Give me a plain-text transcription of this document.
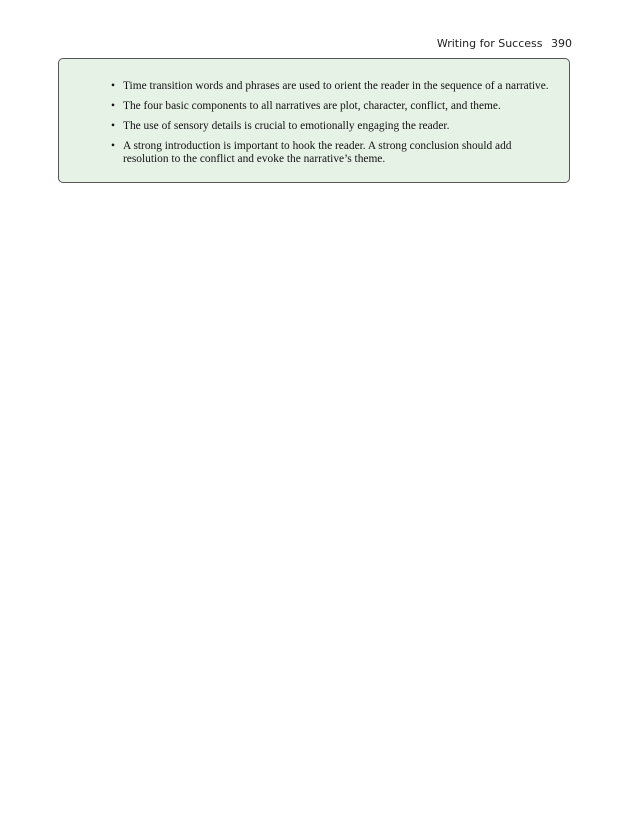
Writing for Success 390
• Time transition words and phrases are used to orient the reader in the sequence of a narrative.
• The four basic components to all narratives are plot, character, conflict, and theme.
• The use of sensory details is crucial to emotionally engaging the reader.
• A strong introduction is important to hook the reader. A strong conclusion should add resolution to the conflict and evoke the narrative’s theme.
